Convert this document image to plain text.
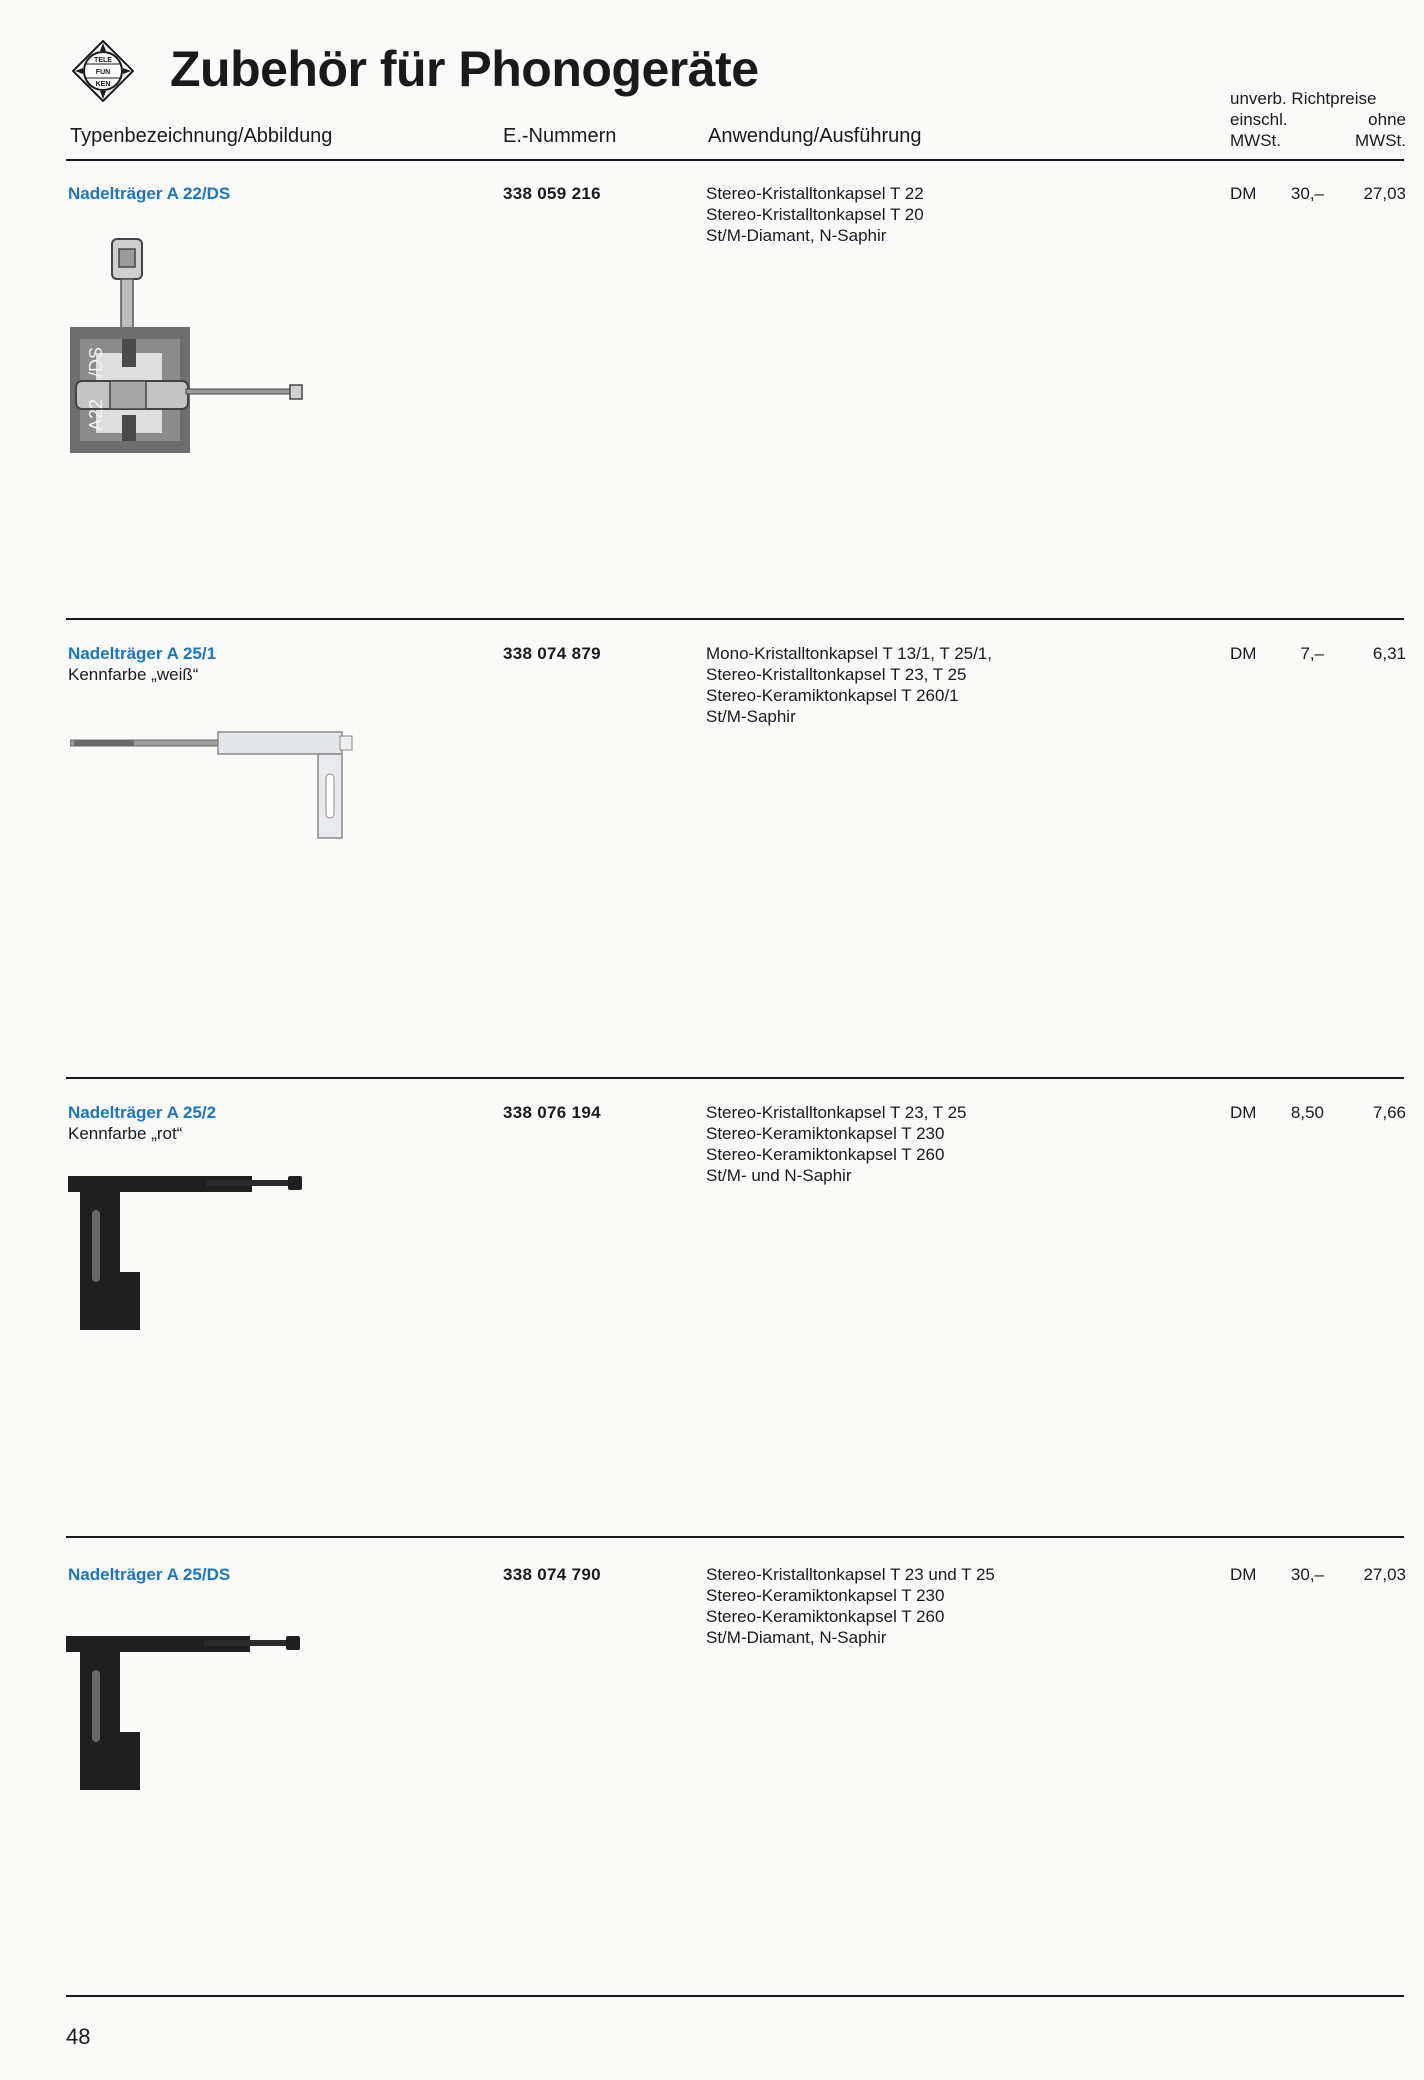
TELE
FUN
KEN Zubehör für Phonogeräte
Typenbezeichnung/Abbildung	E.-Nummern	Anwendung/Ausführung
unverb. Richtpreise
einschl.	ohne
MWSt.	MWSt.
Nadelträger A 22/DS	338 059 216	Stereo-Kristalltonkapsel T 22
Stereo-Kristalltonkapsel T 20
St/M-Diamant, N-Saphir
DM	30,–	27,03
A22
/DS
Nadelträger A 25/1
Kennfarbe „weiß“
338 074 879	Mono-Kristalltonkapsel T 13/1, T 25/1,
Stereo-Kristalltonkapsel T 23, T 25
Stereo-Keramiktonkapsel T 260/1
St/M-Saphir
DM	7,–	6,31
Nadelträger A 25/2
Kennfarbe „rot“
338 076 194	Stereo-Kristalltonkapsel T 23, T 25
Stereo-Keramiktonkapsel T 230
Stereo-Keramiktonkapsel T 260
St/M- und N-Saphir
DM	8,50	7,66
Nadelträger A 25/DS	338 074 790	Stereo-Kristalltonkapsel T 23 und T 25
Stereo-Keramiktonkapsel T 230
Stereo-Keramiktonkapsel T 260
St/M-Diamant, N-Saphir
DM	30,–	27,03
48
